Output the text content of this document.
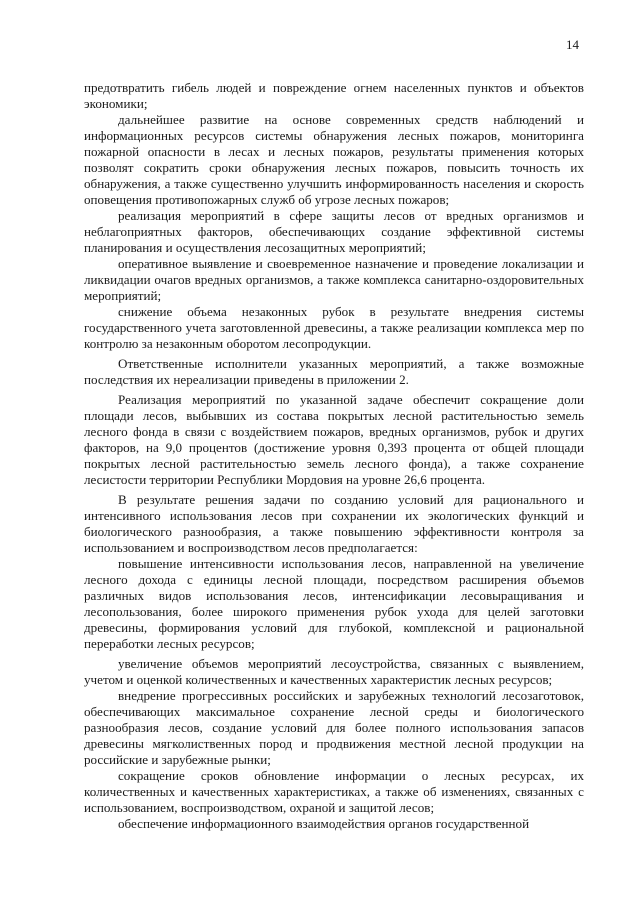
14

предотвратить гибель людей и повреждение огнем населенных пунктов и объектов экономики;

дальнейшее развитие на основе современных средств наблюдений и информационных ресурсов системы обнаружения лесных пожаров, мониторинга пожарной опасности в лесах и лесных пожаров, результаты применения которых позволят сократить сроки обнаружения лесных пожаров, повысить точность их обнаружения, а также существенно улучшить информированность населения и скорость оповещения противопожарных служб об угрозе лесных пожаров;

реализация мероприятий в сфере защиты лесов от вредных организмов и неблагоприятных факторов, обеспечивающих создание эффективной системы планирования и осуществления лесозащитных мероприятий;

оперативное выявление и своевременное назначение и проведение локализации и ликвидации очагов вредных организмов, а также комплекса санитарно-оздоровительных мероприятий;

снижение объема незаконных рубок в результате внедрения системы государственного учета заготовленной древесины, а также реализации комплекса мер по контролю за незаконным оборотом лесопродукции.

Ответственные исполнители указанных мероприятий, а также возможные последствия их нереализации приведены в приложении 2.

Реализация мероприятий по указанной задаче обеспечит сокращение доли площади лесов, выбывших из состава покрытых лесной растительностью земель лесного фонда в связи с воздействием пожаров, вредных организмов, рубок и других факторов, на 9,0 процентов (достижение уровня 0,393 процента от общей площади покрытых лесной растительностью земель лесного фонда), а также сохранение лесистости территории Республики Мордовия на уровне 26,6 процента.

В результате решения задачи по созданию условий для рационального и интенсивного использования лесов при сохранении их экологических функций и биологического разнообразия, а также повышению эффективности контроля за использованием и воспроизводством лесов предполагается:

повышение интенсивности использования лесов, направленной на увеличение лесного дохода с единицы лесной площади, посредством расширения объемов различных видов использования лесов, интенсификации лесовыращивания и лесопользования, более широкого применения рубок ухода для целей заготовки древесины, формирования условий для глубокой, комплексной и рациональной переработки лесных ресурсов;

увеличение объемов мероприятий лесоустройства, связанных с выявлением, учетом и оценкой количественных и качественных характеристик лесных ресурсов;

внедрение прогрессивных российских и зарубежных технологий лесозаготовок, обеспечивающих максимальное сохранение лесной среды и биологического разнообразия лесов, создание условий для более полного использования запасов древесины мягколиственных пород и продвижения местной лесной продукции на российские и зарубежные рынки;

сокращение сроков обновление информации о лесных ресурсах, их количественных и качественных характеристиках, а также об изменениях, связанных с использованием, воспроизводством, охраной и защитой лесов;

обеспечение информационного взаимодействия органов государственной
